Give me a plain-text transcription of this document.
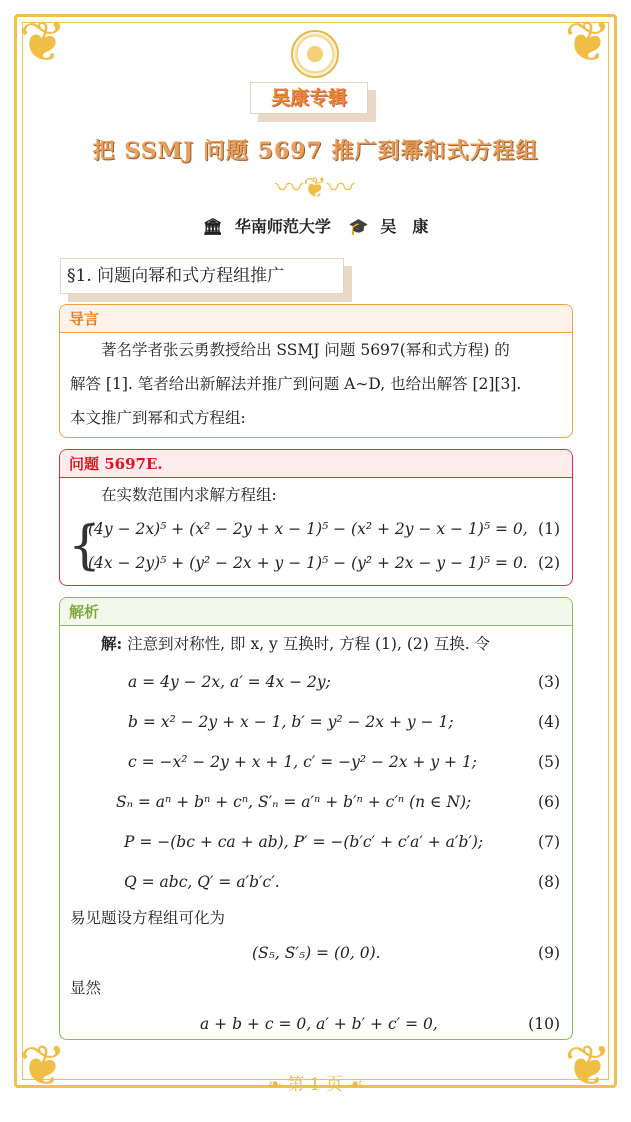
❦	❦
❦	❦
吴康专辑
把 SSMJ 问题 5697 推广到幂和式方程组
〰❦〰
🏛 华南师范大学 🎓 吴　康
§1. 问题向幂和式方程组推广
导言
著名学者张云勇教授给出 SSMJ 问题 5697(幂和式方程) 的
解答 [1]. 笔者给出新解法并推广到问题 A∼D, 也给出解答 [2][3].
本文推广到幂和式方程组:
问题 5697E.
在实数范围内求解方程组:
{
(4y − 2x)⁵ + (x² − 2y + x − 1)⁵ − (x² + 2y − x − 1)⁵ = 0, (1)
(4x − 2y)⁵ + (y² − 2x + y − 1)⁵ − (y² + 2x − y − 1)⁵ = 0. (2)
解析
解: 注意到对称性, 即 x, y 互换时, 方程 (1), (2) 互换. 令
a = 4y − 2x, a′ = 4x − 2y;	(3)
b = x² − 2y + x − 1, b′ = y² − 2x + y − 1;	(4)
c = −x² − 2y + x + 1, c′ = −y² − 2x + y + 1;	(5)
Sₙ = aⁿ + bⁿ + cⁿ, S′ₙ = a′ⁿ + b′ⁿ + c′ⁿ (n ∈ N);	(6)
P = −(bc + ca + ab), P′ = −(b′c′ + c′a′ + a′b′);	(7)
Q = abc, Q′ = a′b′c′.	(8)
易见题设方程组可化为
(S₅, S′₅) = (0, 0).	(9)
显然
a + b + c = 0, a′ + b′ + c′ = 0,	(10)
❧ 第 1 页 ☙
